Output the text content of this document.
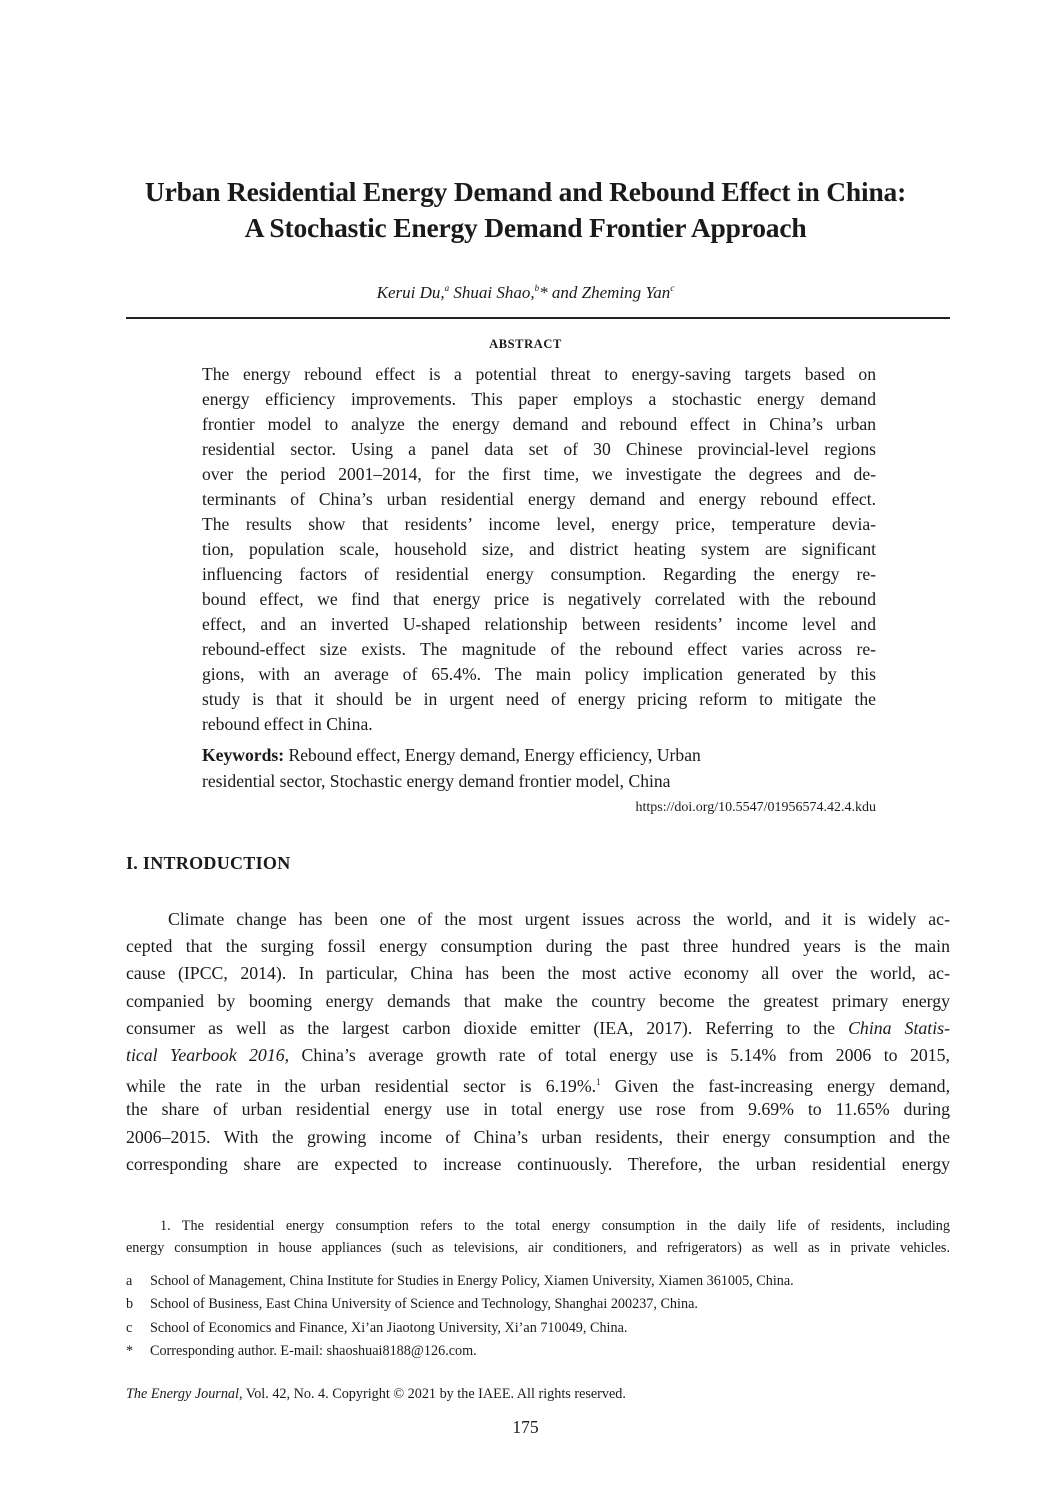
Urban Residential Energy Demand and Rebound Effect in China:
A Stochastic Energy Demand Frontier Approach
Kerui Du,$^a$ Shuai Shao,$^b$* and Zheming Yan$^c$
ABSTRACT
The energy rebound effect is a potential threat to energy-saving targets based on
energy efficiency improvements. This paper employs a stochastic energy demand
frontier model to analyze the energy demand and rebound effect in China’s urban
residential sector. Using a panel data set of 30 Chinese provincial-level regions
over the period 2001–2014, for the first time, we investigate the degrees and de-
terminants of China’s urban residential energy demand and energy rebound effect.
The results show that residents’ income level, energy price, temperature devia-
tion, population scale, household size, and district heating system are significant
influencing factors of residential energy consumption. Regarding the energy re-
bound effect, we find that energy price is negatively correlated with the rebound
effect, and an inverted U-shaped relationship between residents’ income level and
rebound-effect size exists. The magnitude of the rebound effect varies across re-
gions, with an average of 65.4%. The main policy implication generated by this
study is that it should be in urgent need of energy pricing reform to mitigate the
rebound effect in China.
Keywords: Rebound effect, Energy demand, Energy efficiency, Urban
residential sector, Stochastic energy demand frontier model, China
https://doi.org/10.5547/01956574.42.4.kdu
I. INTRODUCTION
Climate change has been one of the most urgent issues across the world, and it is widely ac-
cepted that the surging fossil energy consumption during the past three hundred years is the main
cause (IPCC, 2014). In particular, China has been the most active economy all over the world, ac-
companied by booming energy demands that make the country become the greatest primary energy
consumer as well as the largest carbon dioxide emitter (IEA, 2017). Referring to the China Statis-
tical Yearbook 2016, China’s average growth rate of total energy use is 5.14% from 2006 to 2015,
while the rate in the urban residential sector is 6.19%.$^1$ Given the fast-increasing energy demand,
the share of urban residential energy use in total energy use rose from 9.69% to 11.65% during
2006–2015. With the growing income of China’s urban residents, their energy consumption and the
corresponding share are expected to increase continuously. Therefore, the urban residential energy
1. The residential energy consumption refers to the total energy consumption in the daily life of residents, including
energy consumption in house appliances (such as televisions, air conditioners, and refrigerators) as well as in private vehicles.
a School of Management, China Institute for Studies in Energy Policy, Xiamen University, Xiamen 361005, China.
b School of Business, East China University of Science and Technology, Shanghai 200237, China.
c School of Economics and Finance, Xi’an Jiaotong University, Xi’an 710049, China.
* Corresponding author. E-mail: shaoshuai8188@126.com.
The Energy Journal, Vol. 42, No. 4. Copyright © 2021 by the IAEE. All rights reserved.
175
